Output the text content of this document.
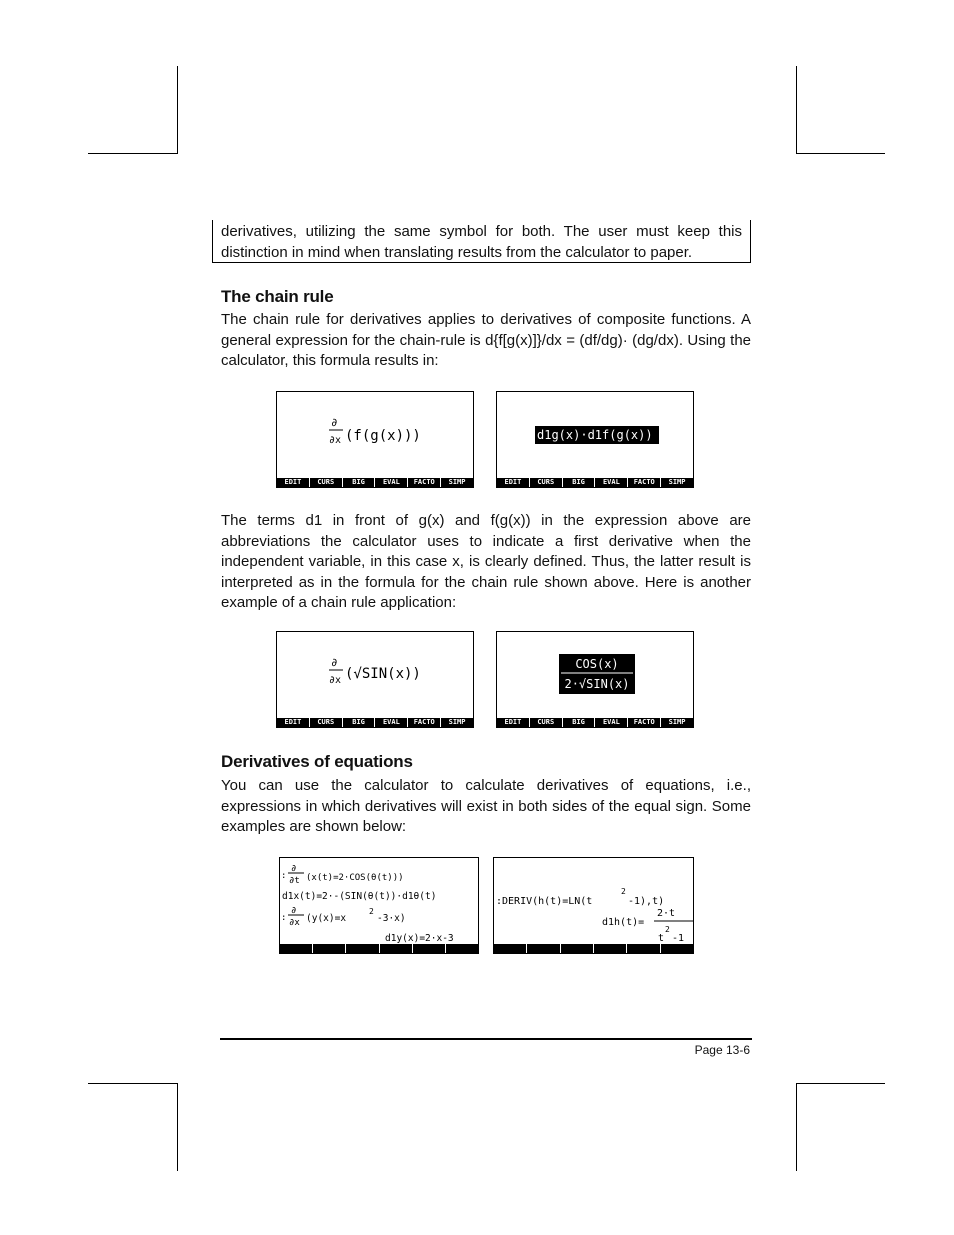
derivatives, utilizing the same symbol for both. The user must keep this distinction in mind when translating results from the calculator to paper.

The chain rule

The chain rule for derivatives applies to derivatives of composite functions. A general expression for the chain-rule is d{f[g(x)]}/dx = (df/dg)· (dg/dx). Using the calculator, this formula results in:

∂
∂x (f(g(x)))
EDIT	CURS	BIG	EVAL	FACTO	SIMP
d1g(x)·d1f(g(x))
EDIT	CURS	BIG	EVAL	FACTO	SIMP

The terms d1 in front of g(x) and f(g(x)) in the expression above are abbreviations the calculator uses to indicate a first derivative when the independent variable, in this case x, is clearly defined. Thus, the latter result is interpreted as in the formula for the chain rule shown above. Here is another example of a chain rule application:

∂
∂x (√SIN(x))
EDIT	CURS	BIG	EVAL	FACTO	SIMP
COS(x)
2·√SIN(x)
EDIT	CURS	BIG	EVAL	FACTO	SIMP
Derivatives of equations

You can use the calculator to calculate derivatives of equations, i.e., expressions in which derivatives will exist in both sides of the equal sign. Some examples are shown below:

:
∂
∂t (x(t)=2·COS(θ(t)))
d1x(t)=2·-(SIN(θ(t))·d1θ(t)
:
∂
∂x (y(x)=x
2
-3·x)
d1y(x)=2·x-3
:DERIV(h(t)=LN(t
2
-1),t)
d1h(t)=
2·t
t
2
-1
Page 13-6
